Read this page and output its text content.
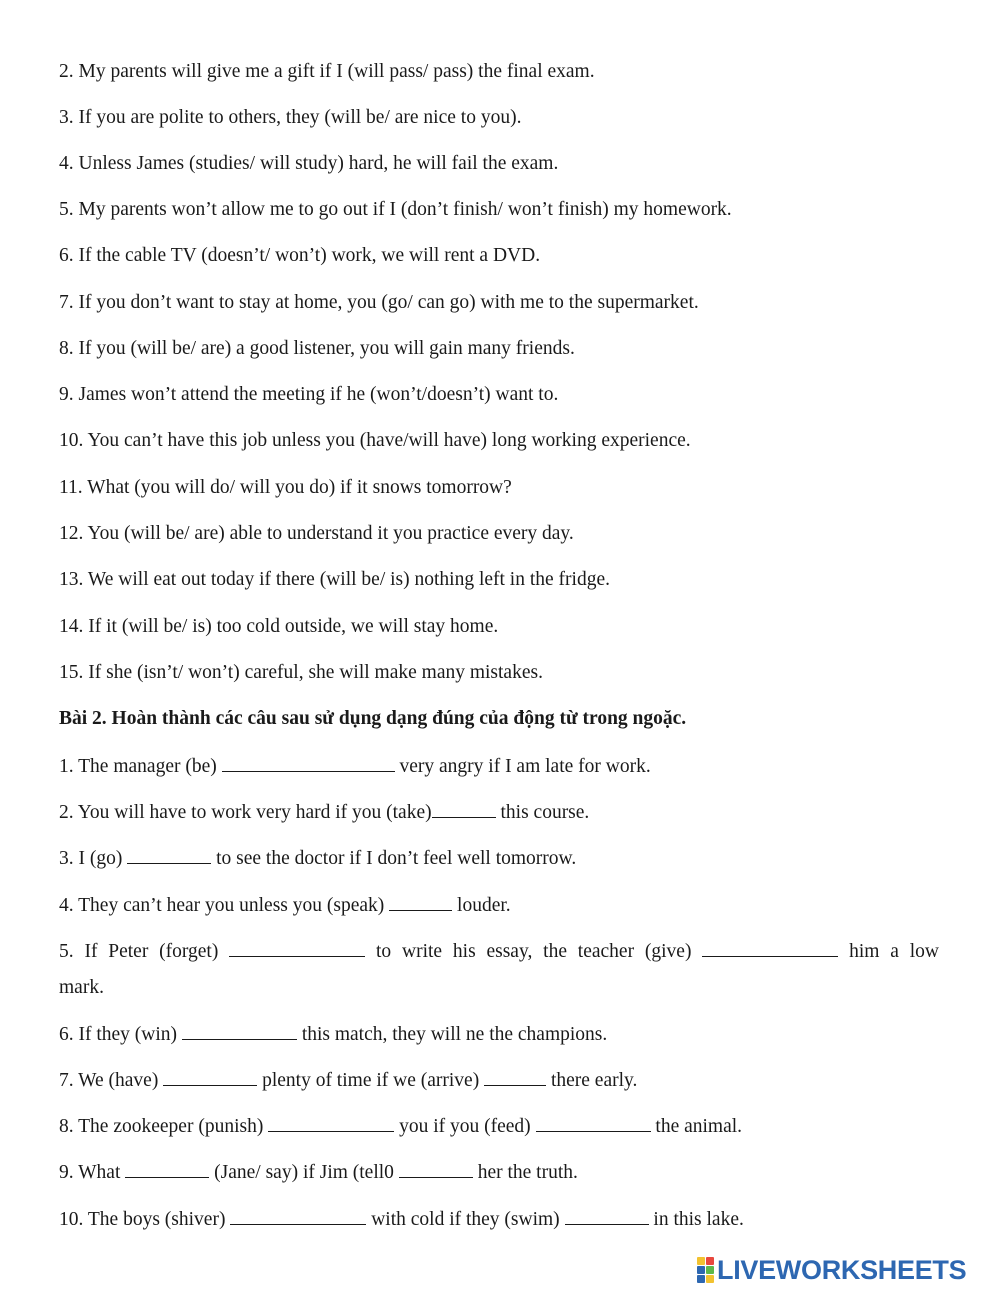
2. My parents will give me a gift if I (will pass/ pass) the final exam.
3. If you are polite to others, they (will be/ are nice to you).
4. Unless James (studies/ will study) hard, he will fail the exam.
5. My parents won’t allow me to go out if I (don’t finish/ won’t finish) my homework.
6. If the cable TV (doesn’t/ won’t) work, we will rent a DVD.
7. If you don’t want to stay at home, you (go/ can go) with me to the supermarket.
8. If you (will be/ are) a good listener, you will gain many friends.
9. James won’t attend the meeting if he (won’t/doesn’t) want to.
10. You can’t have this job unless you (have/will have) long working experience.
11. What (you will do/ will you do) if it snows tomorrow?
12. You (will be/ are) able to understand it you practice every day.
13. We will eat out today if there (will be/ is) nothing left in the fridge.
14. If it (will be/ is) too cold outside, we will stay home.
15. If she (isn’t/ won’t) careful, she will make many mistakes.
Bài 2. Hoàn thành các câu sau sử dụng dạng đúng của động từ trong ngoặc.
1. The manager (be)	very angry if I am late for work.
2. You will have to work very hard if you (take)	this course.
3. I (go)	to see the doctor if I don’t feel well tomorrow.
4. They can’t hear you unless you (speak)	louder.
5. If Peter (forget)	to write his essay, the teacher (give)	him a low
mark.
6. If they (win)	this match, they will ne the champions.
7. We (have)	plenty of time if we (arrive)	there early.
8. The zookeeper (punish)	you if you (feed)	the animal.
9. What	(Jane/ say) if Jim (tell0	her the truth.
10. The boys (shiver)	with cold if they (swim)	in this lake.
LIVEWORKSHEETS
